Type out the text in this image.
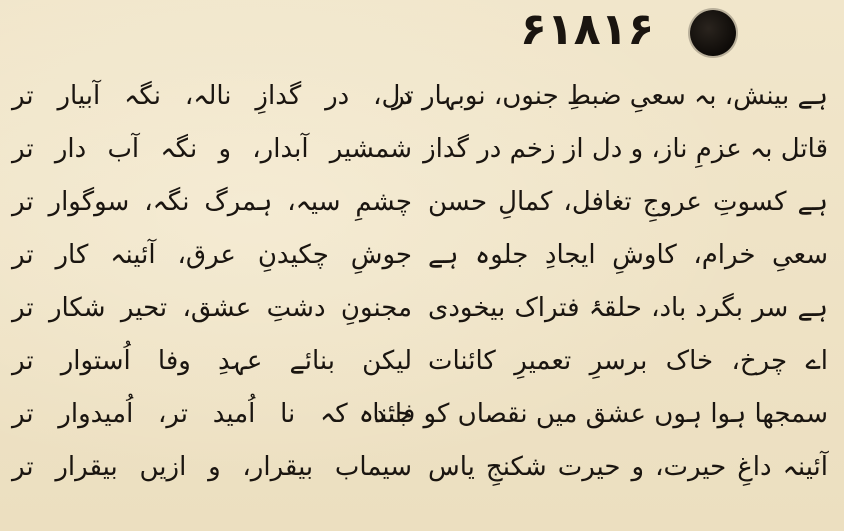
۶۱۸۱۶
ہے بینش، بہ سعیِ ضبطِ جنوں، نوبہار تر
قاتل بہ عزمِ ناز، و دل از زخم در گداز
ہے کسوتِ عروجِ تغافل، کمالِ حسن
سعیِ خرام، کاوشِ ایجادِ جلوہ ہے
ہے سر بگرد باد، حلقۂ فتراک بیخودی
اے چرخ، خاک برسرِ تعمیرِ کائنات
سمجھا ہوا ہوں عشق میں نقصاں کو فائدہ
آئینہ داغِ حیرت، و حیرت شکنجِ یاس
دل، در گدازِ نالہ، نگہ آبیار تر
شمشیر آبدار، و نگہ آب دار تر
چشمِ سیہ، ہمرگ نگہ، سوگوار تر
جوشِ چکیدنِ عرق، آئینہ کار تر
مجنونِ دشتِ عشق، تحیر شکار تر
لیکن بنائے عہدِ وفا اُستوار تر
جتنا کہ نا اُمید تر، اُمیدوار تر
سیماب بیقرار، و ازیں بیقرار تر
